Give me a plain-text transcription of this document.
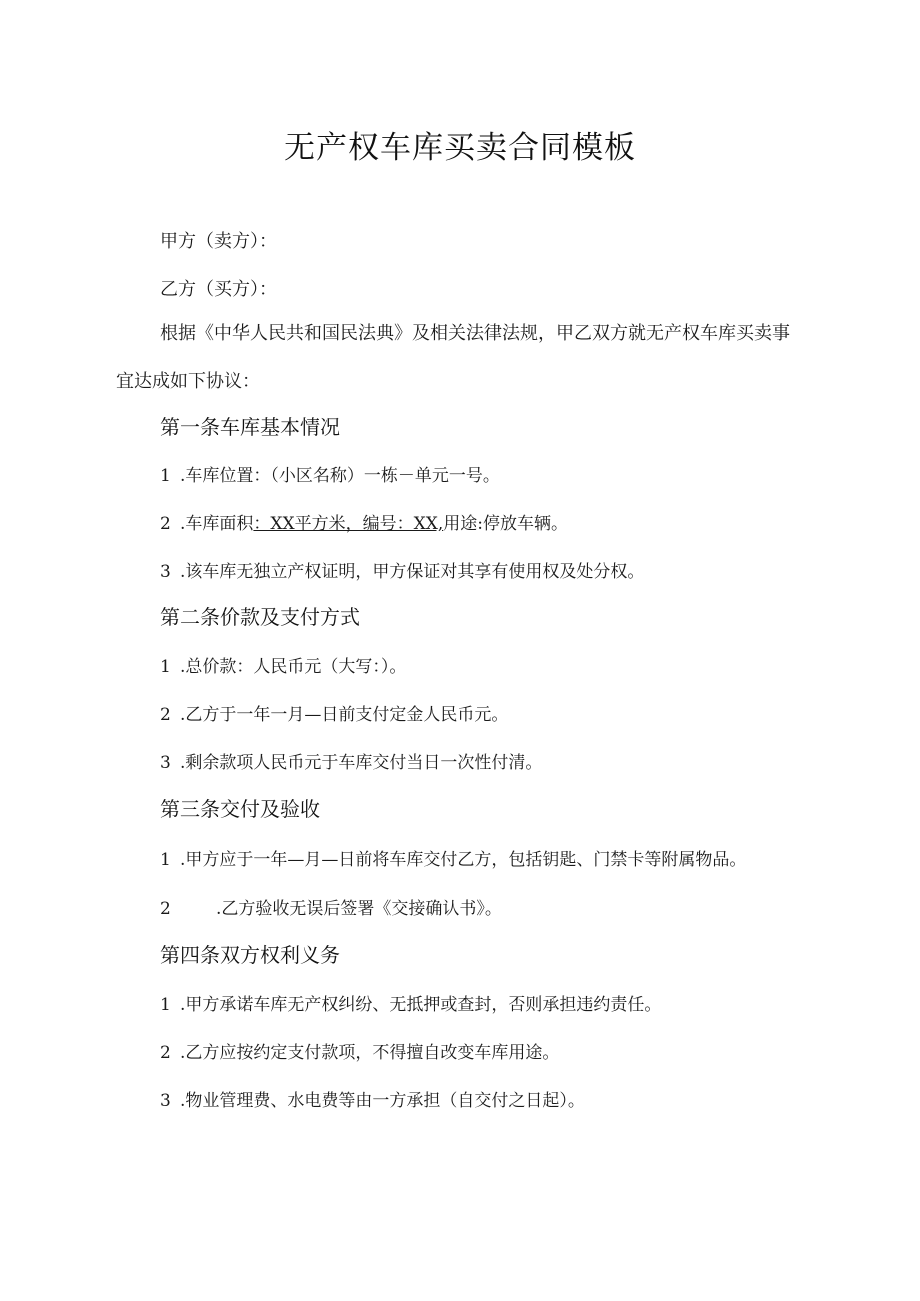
无产权车库买卖合同模板
甲方（卖方）：
乙方（买方）：
根据《中华人民共和国民法典》及相关法律法规，甲乙双方就无产权车库买卖事
宜达成如下协议：
第一条车库基本情况
1 .车库位置：（小区名称）一栋－单元一号。
2 .车库面积：XX平方米，编号：XX,用途:停放车辆。
3 .该车库无独立产权证明，甲方保证对其享有使用权及处分权。
第二条价款及支付方式
1 .总价款：人民币元（大写：）。
2 .乙方于一年一月—日前支付定金人民币元。
3 .剩余款项人民币元于车库交付当日一次性付清。
第三条交付及验收
1 .甲方应于一年—月—日前将车库交付乙方，包括钥匙、门禁卡等附属物品。
2	.乙方验收无误后签署《交接确认书》。
第四条双方权利义务
1 .甲方承诺车库无产权纠纷、无抵押或查封，否则承担违约责任。
2 .乙方应按约定支付款项，不得擅自改变车库用途。
3 .物业管理费、水电费等由一方承担（自交付之日起）。
